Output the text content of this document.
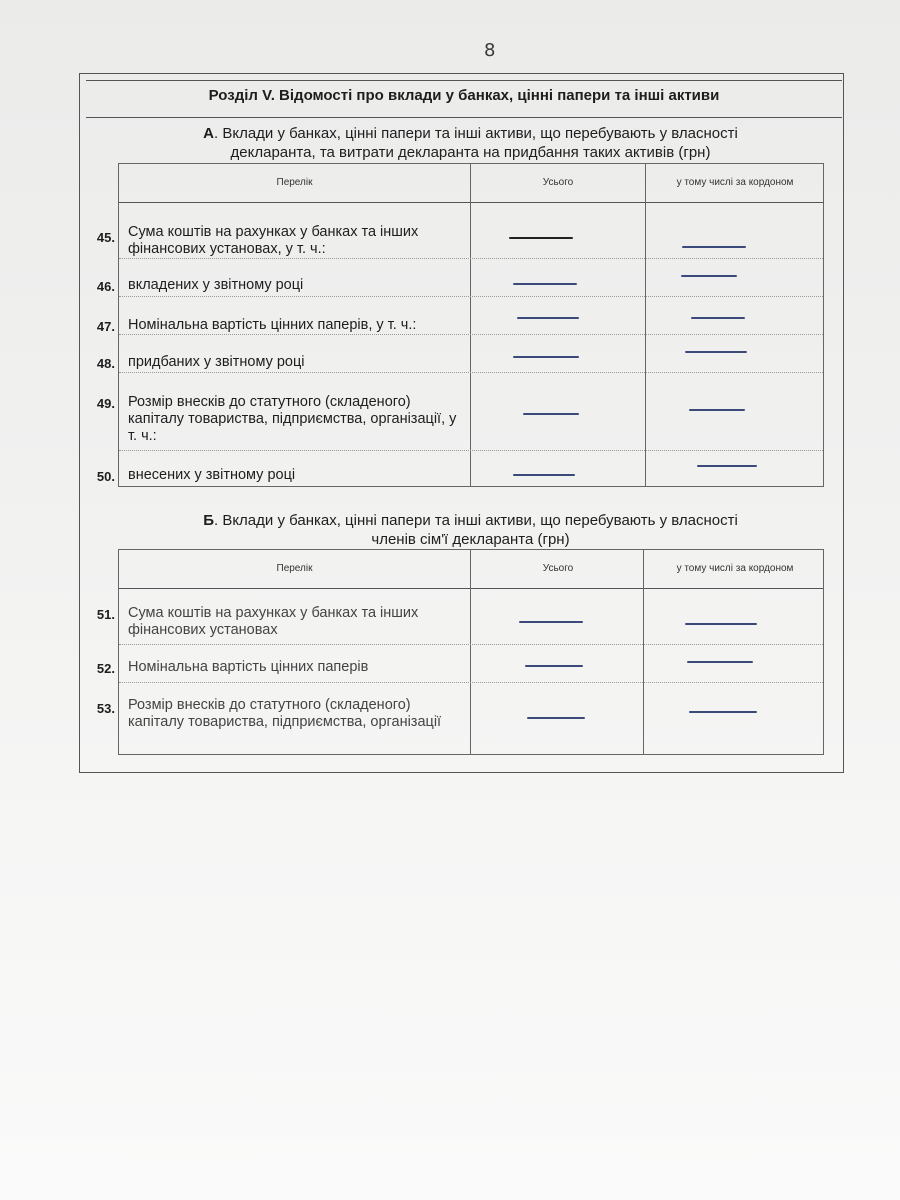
8
Розділ V. Відомості про вклади у банках, цінні папери та інші активи
А. Вклади у банках, цінні папери та інші активи, що перебувають у власності
декларанта, та витрати декларанта на придбання таких активів (грн)
Перелік	Усього	у тому числі за кордоном
45. Сума коштів на рахунках у банках та інших фінансових установах, у т. ч.:
46. вкладених у звітному році
47. Номінальна вартість цінних паперів, у т. ч.:
48. придбаних у звітному році
49. Розмір внесків до статутного (складеного) капіталу товариства, підприємства, організації, у т. ч.:
50. внесених у звітному році
Б. Вклади у банках, цінні папери та інші активи, що перебувають у власності
членів сім'ї декларанта (грн)
Перелік	Усього	у тому числі за кордоном
51. Сума коштів на рахунках у банках та інших фінансових установах
52. Номінальна вартість цінних паперів
53. Розмір внесків до статутного (складеного) капіталу товариства, підприємства, організації
